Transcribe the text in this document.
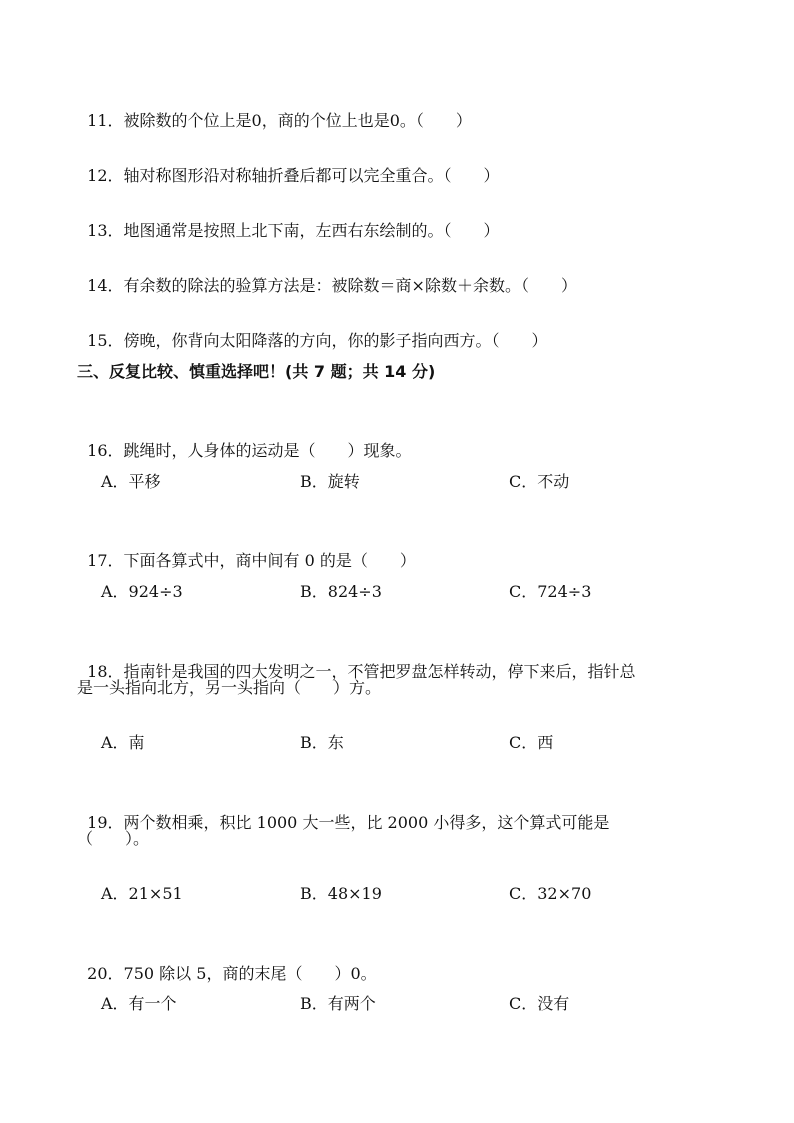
11．被除数的个位上是0，商的个位上也是0。（　　）

12．轴对称图形沿对称轴折叠后都可以完全重合。（　　）

13．地图通常是按照上北下南，左西右东绘制的。（　　）

14．有余数的除法的验算方法是：被除数＝商×除数＋余数。（　　）

15．傍晚，你背向太阳降落的方向，你的影子指向西方。（　　）

三、反复比较、慎重选择吧！(共 7 题；共 14 分)

16．跳绳时，人身体的运动是（　　）现象。

A．平移	B．旋转	C．不动

17．下面各算式中，商中间有 0 的是（　　）

A．924÷3	B．824÷3	C．724÷3

18．指南针是我国的四大发明之一，不管把罗盘怎样转动，停下来后，指针总

是一头指向北方，另一头指向（　　）方。
A．南	B．东	C．西

19．两个数相乘，积比 1000 大一些，比 2000 小得多，这个算式可能是

（　　）。
A．21×51	B．48×19	C．32×70

20．750 除以 5，商的末尾（　　）0。

A．有一个	B．有两个	C．没有
